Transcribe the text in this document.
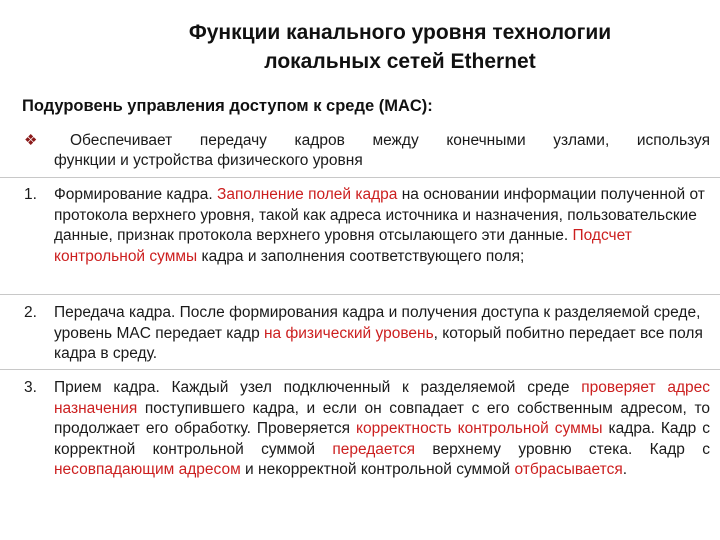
Функции канального уровня технологии
локальных сетей Ethernet
Подуровень управления доступом к среде (MAC):
❖	Обеспечивает передачу кадров между конечными узлами, используя
функции и устройства физического уровня
1.	Формирование кадра. Заполнение полей кадра на основании информации полученной от протокола верхнего уровня, такой как адреса источника и назначения, пользовательские данные, признак протокола верхнего уровня отсылающего эти данные. Подсчет контрольной суммы кадра и заполнения соответствующего поля;
2.	Передача кадра. После формирования кадра и получения доступа к разделяемой среде, уровень MAC передает кадр на физический уровень, который побитно передает все поля кадра в среду.
3.	Прием кадра. Каждый узел подключенный к разделяемой среде проверяет адрес назначения поступившего кадра, и если он совпадает с его собственным адресом, то продолжает его обработку. Проверяется корректность контрольной суммы кадра. Кадр с корректной контрольной суммой передается верхнему уровню стека. Кадр с несовпадающим адресом и некорректной контрольной суммой отбрасывается.
